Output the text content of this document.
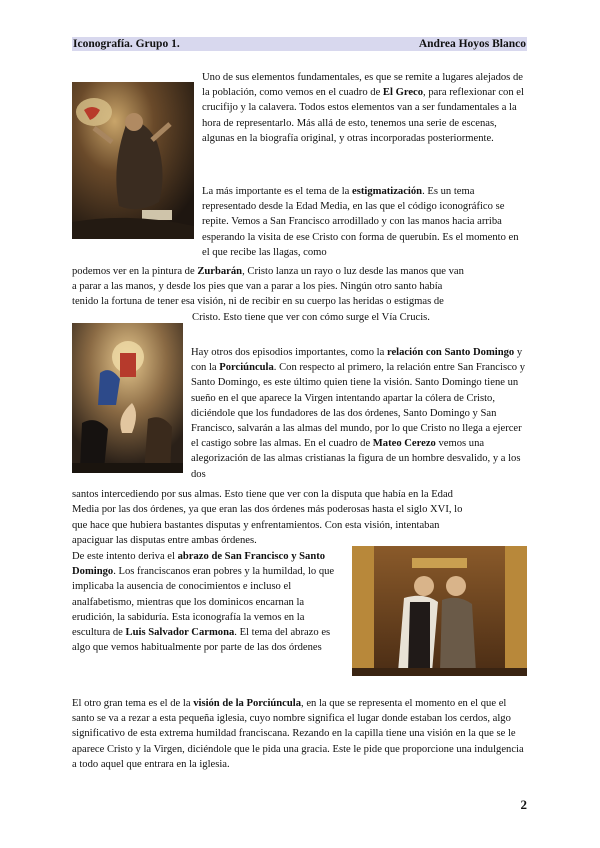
Iconografía. Grupo 1.	Andrea Hoyos Blanco
Uno de sus elementos fundamentales, es que se remite a lugares alejados de la población, como vemos en el cuadro de El Greco, para reflexionar con el crucifijo y la calavera. Todos estos elementos van a ser fundamentales a la hora de representarlo. Más allá de esto, tenemos una serie de escenas, algunas en la biografía original, y otras incorporadas posteriormente.
La más importante es el tema de la estigmatización. Es un tema representado desde la Edad Media, en las que el código iconográfico se repite. Vemos a San Francisco arrodillado y con las manos hacia arriba esperando la visita de ese Cristo con forma de querubín. Es el momento en el que recibe las llagas, como
podemos ver en la pintura de Zurbarán, Cristo lanza un rayo o luz desde las manos que van
a parar a las manos, y desde los pies que van a parar a los pies. Ningún otro santo había
tenido la fortuna de tener esa visión, ni de recibir en su cuerpo las heridas o estigmas de
Cristo. Esto tiene que ver con cómo surge el Vía Crucis.
Hay otros dos episodios importantes, como la relación con Santo Domingo y con la Porciúncula. Con respecto al primero, la relación entre San Francisco y Santo Domingo, es este último quien tiene la visión. Santo Domingo tiene un sueño en el que aparece la Virgen intentando apartar la cólera de Cristo, diciéndole que los fundadores de las dos órdenes, Santo Domingo y San Francisco, salvarán a las almas del mundo, por lo que Cristo no llega a ejercer el castigo sobre las almas. En el cuadro de Mateo Cerezo vemos una alegorización de las almas cristianas la figura de un hombre desvalido, y a los dos
santos intercediendo por sus almas. Esto tiene que ver con la disputa que había en la Edad
Media por las dos órdenes, ya que eran las dos órdenes más poderosas hasta el siglo XVI, lo
que hace que hubiera bastantes disputas y enfrentamientos. Con esta visión, intentaban
apaciguar las disputas entre ambas órdenes.
De este intento deriva el abrazo de San Francisco y Santo Domingo. Los franciscanos eran pobres y la humildad, lo que implicaba la ausencia de conocimientos e incluso el analfabetismo, mientras que los dominicos encarnan la erudición, la sabiduría. Esta iconografía la vemos en la escultura de Luis Salvador Carmona. El tema del abrazo es algo que vemos habitualmente por parte de las dos órdenes
El otro gran tema es el de la visión de la Porciúncula, en la que se representa el momento en el que el santo se va a rezar a esta pequeña iglesia, cuyo nombre significa el lugar donde estaban los cerdos, algo significativo de esta extrema humildad franciscana. Rezando en la capilla tiene una visión en la que se le aparece Cristo y la Virgen, diciéndole que le pida una gracia. Este le pide que proporcione una indulgencia a todo aquel que entrara en la iglesia.
2
